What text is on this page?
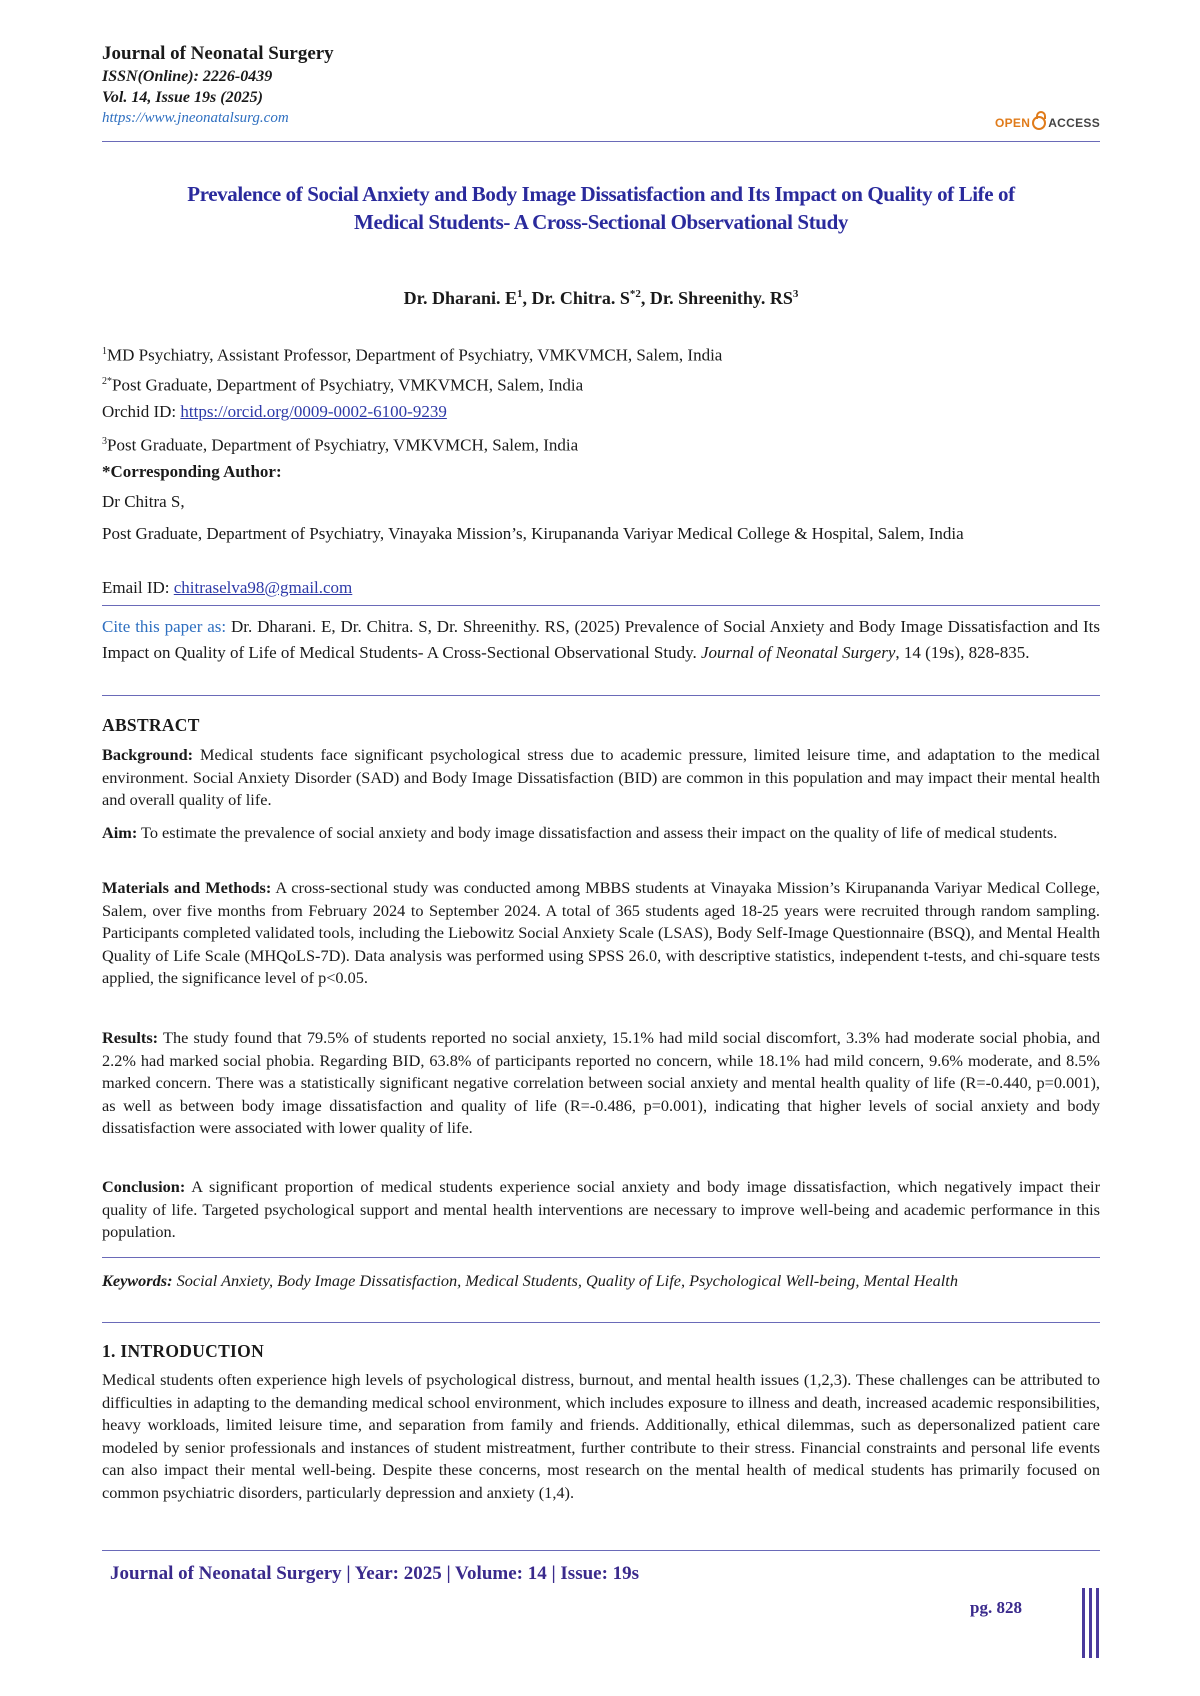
Journal of Neonatal Surgery
ISSN(Online): 2226-0439
Vol. 14, Issue 19s (2025)
https://www.jneonatalsurg.com	OPEN ACCESS
Prevalence of Social Anxiety and Body Image Dissatisfaction and Its Impact on Quality of Life of
Medical Students- A Cross-Sectional Observational Study
Dr. Dharani. $E^1$, Dr. Chitra. $S^{*2}$, Dr. Shreenithy. $RS^3$
$^1$MD Psychiatry, Assistant Professor, Department of Psychiatry, VMKVMCH, Salem, India
$^{2*}$Post Graduate, Department of Psychiatry, VMKVMCH, Salem, India
Orchid ID: https://orcid.org/0009-0002-6100-9239
$^3$Post Graduate, Department of Psychiatry, VMKVMCH, Salem, India
*Corresponding Author:
Dr Chitra S,
Post Graduate, Department of Psychiatry, Vinayaka Mission’s, Kirupananda Variyar Medical College & Hospital, Salem, India
Email ID: chitraselva98@gmail.com
Cite this paper as: Dr. Dharani. E, Dr. Chitra. S, Dr. Shreenithy. RS, (2025) Prevalence of Social Anxiety and Body Image Dissatisfaction and Its Impact on Quality of Life of Medical Students- A Cross-Sectional Observational Study. Journal of Neonatal Surgery, 14 (19s), 828-835.
ABSTRACT
Background: Medical students face significant psychological stress due to academic pressure, limited leisure time, and adaptation to the medical environment. Social Anxiety Disorder (SAD) and Body Image Dissatisfaction (BID) are common in this population and may impact their mental health and overall quality of life.
Aim: To estimate the prevalence of social anxiety and body image dissatisfaction and assess their impact on the quality of life of medical students.
Materials and Methods: A cross-sectional study was conducted among MBBS students at Vinayaka Mission’s Kirupananda Variyar Medical College, Salem, over five months from February 2024 to September 2024. A total of 365 students aged 18-25 years were recruited through random sampling. Participants completed validated tools, including the Liebowitz Social Anxiety Scale (LSAS), Body Self-Image Questionnaire (BSQ), and Mental Health Quality of Life Scale (MHQoLS-7D). Data analysis was performed using SPSS 26.0, with descriptive statistics, independent t-tests, and chi-square tests applied, the significance level of p<0.05.
Results: The study found that 79.5% of students reported no social anxiety, 15.1% had mild social discomfort, 3.3% had moderate social phobia, and 2.2% had marked social phobia. Regarding BID, 63.8% of participants reported no concern, while 18.1% had mild concern, 9.6% moderate, and 8.5% marked concern. There was a statistically significant negative correlation between social anxiety and mental health quality of life (R=-0.440, p=0.001), as well as between body image dissatisfaction and quality of life (R=-0.486, p=0.001), indicating that higher levels of social anxiety and body dissatisfaction were associated with lower quality of life.
Conclusion: A significant proportion of medical students experience social anxiety and body image dissatisfaction, which negatively impact their quality of life. Targeted psychological support and mental health interventions are necessary to improve well-being and academic performance in this population.
Keywords: Social Anxiety, Body Image Dissatisfaction, Medical Students, Quality of Life, Psychological Well-being, Mental Health
1. INTRODUCTION
Medical students often experience high levels of psychological distress, burnout, and mental health issues (1,2,3). These challenges can be attributed to difficulties in adapting to the demanding medical school environment, which includes exposure to illness and death, increased academic responsibilities, heavy workloads, limited leisure time, and separation from family and friends. Additionally, ethical dilemmas, such as depersonalized patient care modeled by senior professionals and instances of student mistreatment, further contribute to their stress. Financial constraints and personal life events can also impact their mental well-being. Despite these concerns, most research on the mental health of medical students has primarily focused on common psychiatric disorders, particularly depression and anxiety (1,4).
Journal of Neonatal Surgery | Year: 2025 | Volume: 14 | Issue: 19s
pg. 828
